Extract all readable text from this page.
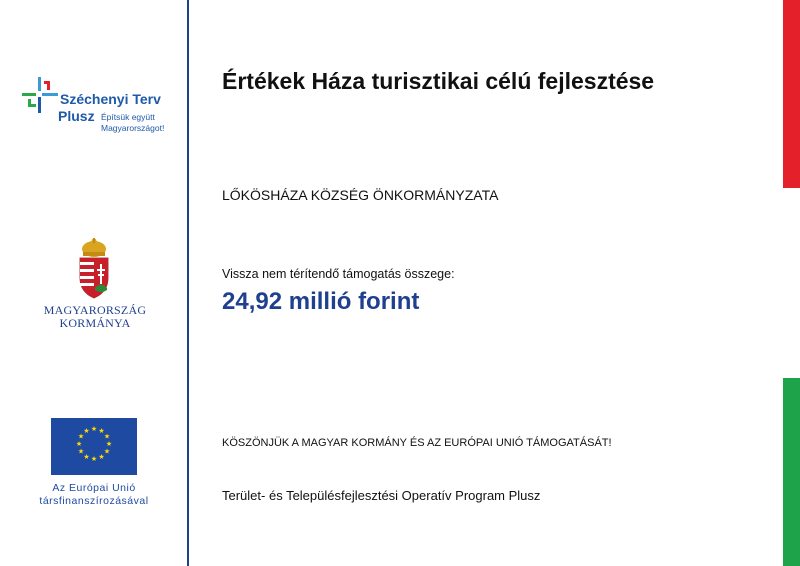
Széchenyi Terv
Plusz Építsük együtt
Magyarországot!
MAGYARORSZÁG
KORMÁNYA
★ ★
★
★
★
★
★
★
★
★
★
★
Az Európai Unió
társfinanszírozásával
Értékek Háza turisztikai célú fejlesztése
LŐKÖSHÁZA KÖZSÉG ÖNKORMÁNYZATA
Vissza nem térítendő támogatás összege:
24,92 millió forint
KÖSZÖNJÜK A MAGYAR KORMÁNY ÉS AZ EURÓPAI UNIÓ TÁMOGATÁSÁT!
Terület- és Településfejlesztési Operatív Program Plusz
